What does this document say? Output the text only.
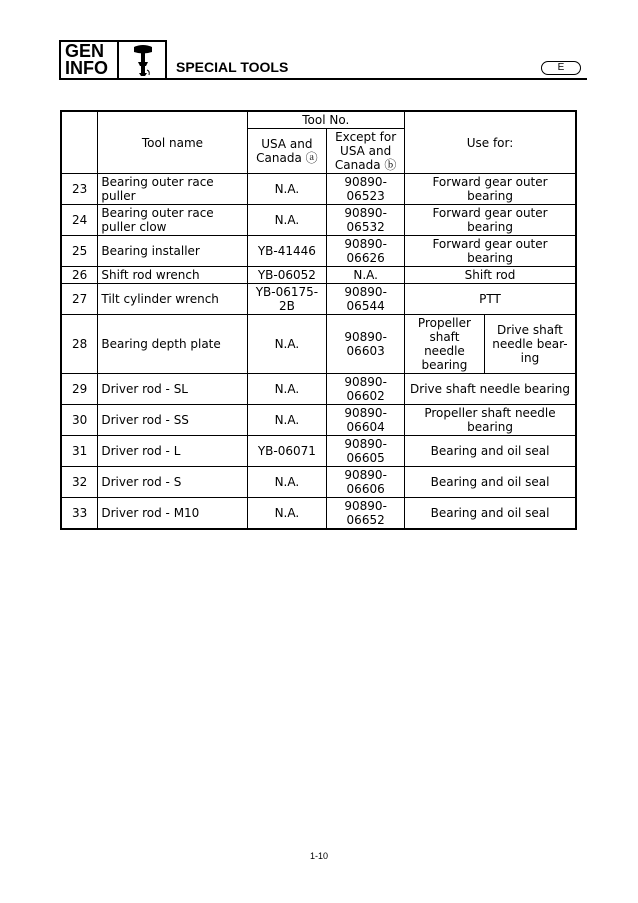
GEN
INFO	SPECIAL TOOLS	E
	Tool name	Tool No.		Use for:	
		USA and Canada ⓐ	Except for USA and Canada ⓑ		
23	Bearing outer race puller	N.A.	90890-06523	Forward gear outer bearing	
24	Bearing outer race puller clow	N.A.	90890-06532	Forward gear outer bearing	
25	Bearing installer	YB-41446	90890-06626	Forward gear outer bearing	
26	Shift rod wrench	YB-06052	N.A.	Shift rod	
27	Tilt cylinder wrench	YB-06175-2B	90890-06544	PTT	
28	Bearing depth plate	N.A.	90890-06603	Propeller shaft needle bearing	Drive shaft needle bear-ing
29	Driver rod - SL	N.A.	90890-06602	Drive shaft needle bearing	
30	Driver rod - SS	N.A.	90890-06604	Propeller shaft needle bearing	
31	Driver rod - L	YB-06071	90890-06605	Bearing and oil seal	
32	Driver rod - S	N.A.	90890-06606	Bearing and oil seal	
33	Driver rod - M10	N.A.	90890-06652	Bearing and oil seal	
1-10
